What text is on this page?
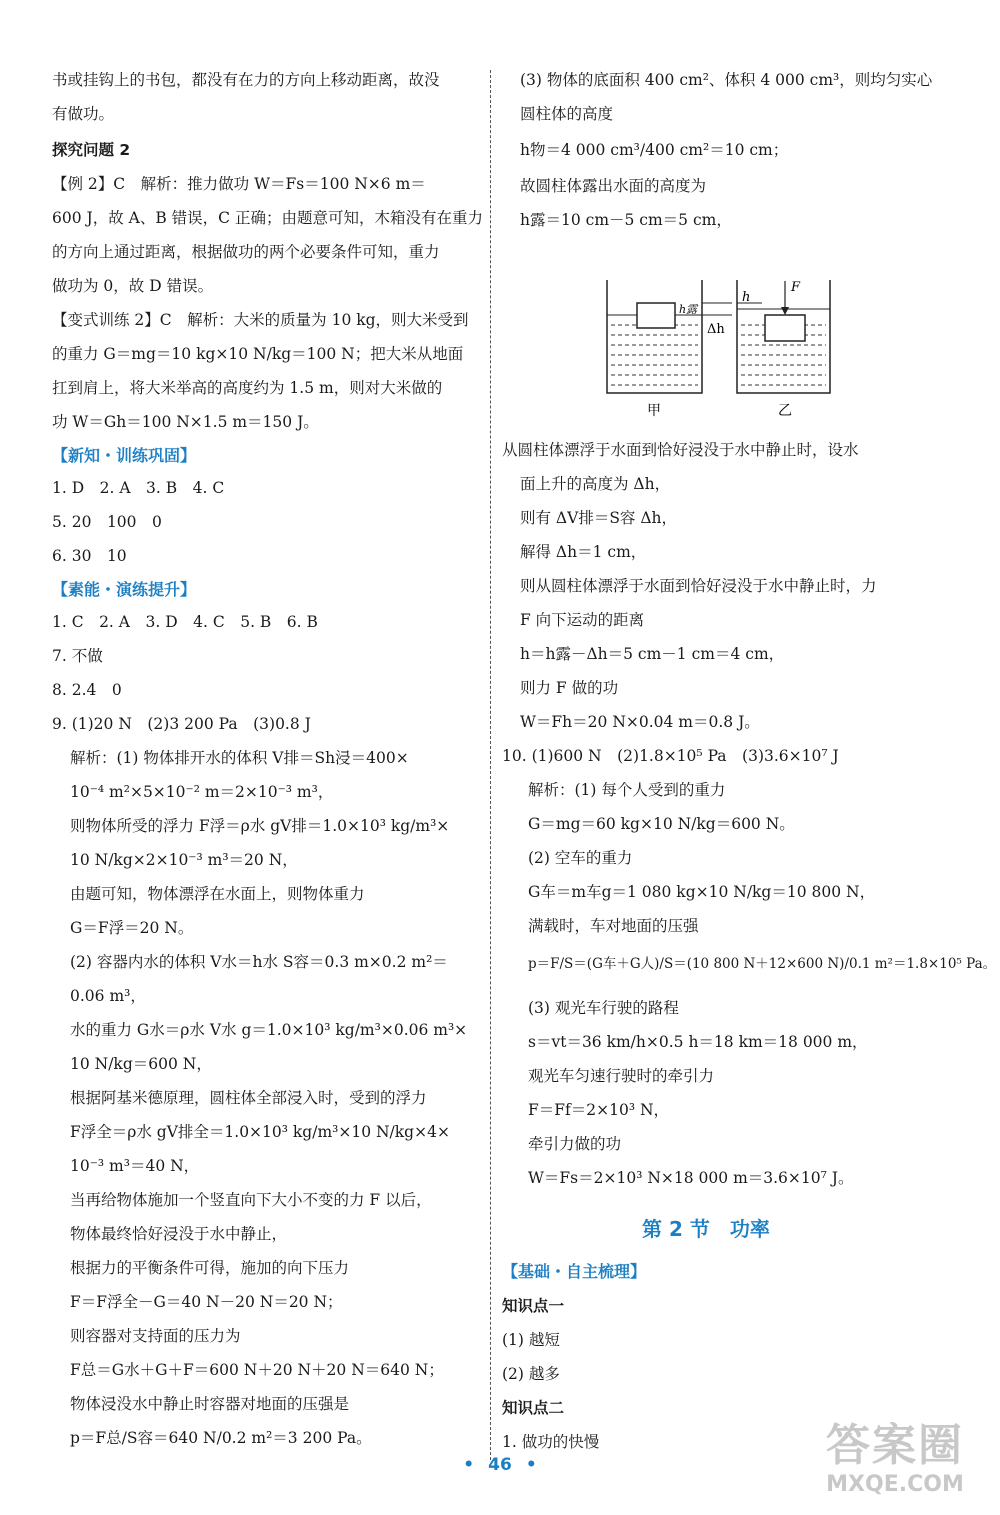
书或挂钩上的书包，都没有在力的方向上移动距离，故没
有做功。
探究问题 2
【例 2】C　解析：推力做功 W＝Fs＝100 N×6 m＝
600 J，故 A、B 错误，C 正确；由题意可知，木箱没有在重力
的方向上通过距离，根据做功的两个必要条件可知，重力
做功为 0，故 D 错误。
【变式训练 2】C　解析：大米的质量为 10 kg，则大米受到
的重力 G＝mg＝10 kg×10 N/kg＝100 N；把大米从地面
扛到肩上，将大米举高的高度约为 1.5 m，则对大米做的
功 W＝Gh＝100 N×1.5 m＝150 J。
【新知・训练巩固】
1. D　2. A　3. B　4. C
5. 20　100　0
6. 30　10
【素能・演练提升】
1. C　2. A　3. D　4. C　5. B　6. B
7. 不做
8. 2.4　0
9. (1)20 N　(2)3 200 Pa　(3)0.8 J
解析：(1) 物体排开水的体积 V排＝Sh浸＝400×
10⁻⁴ m²×5×10⁻² m＝2×10⁻³ m³，
则物体所受的浮力 F浮＝ρ水 gV排＝1.0×10³ kg/m³×
10 N/kg×2×10⁻³ m³＝20 N，
由题可知，物体漂浮在水面上，则物体重力
G＝F浮＝20 N。
(2) 容器内水的体积 V水＝h水 S容＝0.3 m×0.2 m²＝
0.06 m³，
水的重力 G水＝ρ水 V水 g＝1.0×10³ kg/m³×0.06 m³×
10 N/kg＝600 N，
根据阿基米德原理，圆柱体全部浸入时，受到的浮力
F浮全＝ρ水 gV排全＝1.0×10³ kg/m³×10 N/kg×4×
10⁻³ m³＝40 N，
当再给物体施加一个竖直向下大小不变的力 F 以后，
物体最终恰好浸没于水中静止，
根据力的平衡条件可得，施加的向下压力
F＝F浮全－G＝40 N－20 N＝20 N；
则容器对支持面的压力为
F总＝G水＋G＋F＝600 N＋20 N＋20 N＝640 N；
物体浸没水中静止时容器对地面的压强是
p＝F总/S容＝640 N/0.2 m²＝3 200 Pa。
(3) 物体的底面积 400 cm²、体积 4 000 cm³，则均匀实心
圆柱体的高度
h物＝4 000 cm³/400 cm²＝10 cm；
故圆柱体露出水面的高度为
h露＝10 cm－5 cm＝5 cm，
F
h
h露
Δh
甲	乙
从圆柱体漂浮于水面到恰好浸没于水中静止时，设水
面上升的高度为 Δh，
则有 ΔV排＝S容 Δh，
解得 Δh＝1 cm，
则从圆柱体漂浮于水面到恰好浸没于水中静止时，力
F 向下运动的距离
h＝h露－Δh＝5 cm－1 cm＝4 cm，
则力 F 做的功
W＝Fh＝20 N×0.04 m＝0.8 J。
10. (1)600 N　(2)1.8×10⁵ Pa　(3)3.6×10⁷ J
解析：(1) 每个人受到的重力
G＝mg＝60 kg×10 N/kg＝600 N。
(2) 空车的重力
G车＝m车g＝1 080 kg×10 N/kg＝10 800 N，
满载时，车对地面的压强
p＝F/S＝(G车＋G人)/S＝(10 800 N＋12×600 N)/0.1 m²＝1.8×10⁵ Pa。
(3) 观光车行驶的路程
s＝vt＝36 km/h×0.5 h＝18 km＝18 000 m，
观光车匀速行驶时的牵引力
F＝Ff＝2×10³ N，
牵引力做的功
W＝Fs＝2×10³ N×18 000 m＝3.6×10⁷ J。
第 2 节　功率
【基础・自主梳理】
知识点一
(1) 越短
(2) 越多
知识点二
1. 做功的快慢
• 46 •	答案圈
MXQE.COM
